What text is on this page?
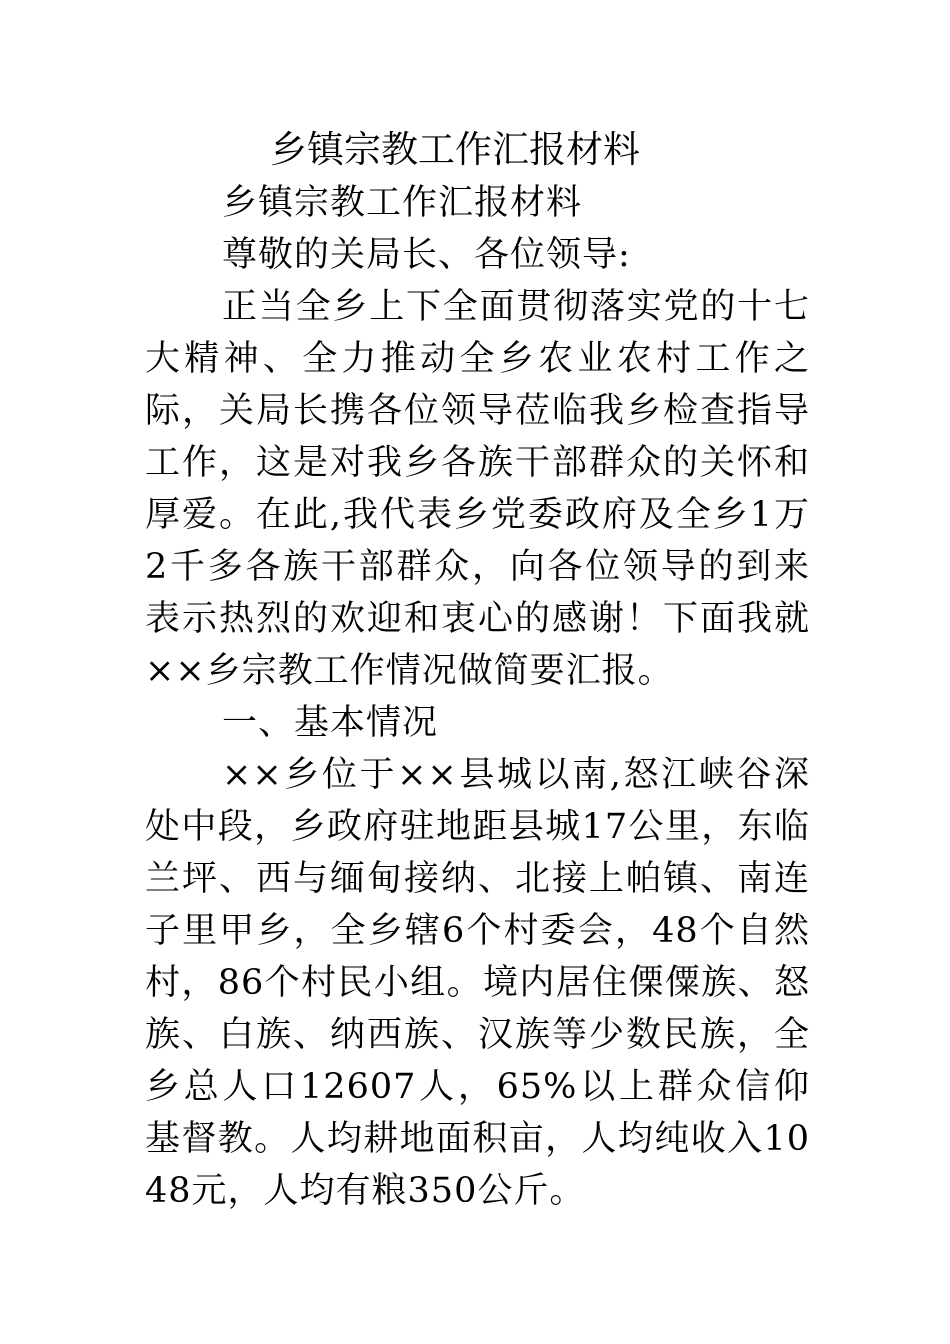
乡镇宗教工作汇报材料

乡镇宗教工作汇报材料

尊敬的关局长、各位领导:

正当全乡上下全面贯彻落实党的十七大精神、全力推动全乡农业农村工作之际，关局长携各位领导莅临我乡检查指导工作，这是对我乡各族干部群众的关怀和厚爱。在此,我代表乡党委政府及全乡1万2千多各族干部群众，向各位领导的到来表示热烈的欢迎和衷心的感谢！下面我就××乡宗教工作情况做简要汇报。

一、基本情况

××乡位于××县城以南,怒江峡谷深处中段，乡政府驻地距县城17公里，东临兰坪、西与缅甸接纳、北接上帕镇、南连子里甲乡，全乡辖6个村委会，48个自然村，86个村民小组。境内居住傈僳族、怒族、白族、纳西族、汉族等少数民族，全乡总人口12607人，65%以上群众信仰基督教。人均耕地面积亩，人均纯收入1048元，人均有粮350公斤。
